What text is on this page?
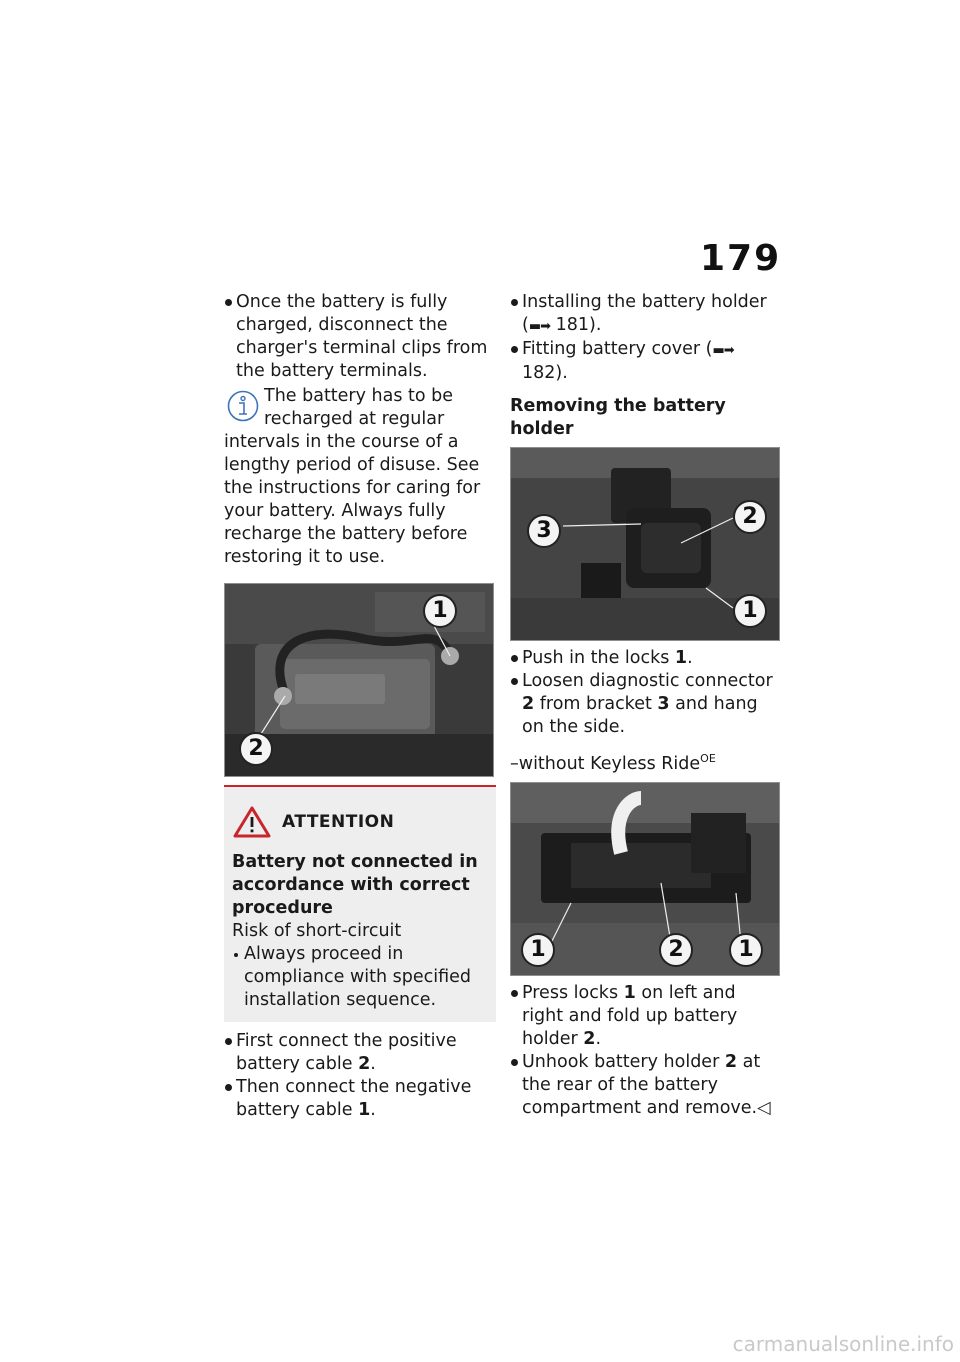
179
Once the battery is fully charged, disconnect the charger's terminal clips from the battery terminals.
The battery has to be recharged at regular
intervals in the course of a lengthy period of disuse. See the instructions for caring for your battery. Always fully recharge the battery before restoring it to use.
1
2
ATTENTION
Battery not connected in accordance with correct procedure
Risk of short-circuit
Always proceed in compliance with specified installation sequence.
First connect the positive battery cable 2.
Then connect the negative battery cable 1.
Installing the battery holder (▬➡ 181).
Fitting battery cover (▬➡ 182).
Removing the battery holder
3
2
1
Push in the locks 1.
Loosen diagnostic connector 2 from bracket 3 and hang on the side.
–without Keyless Ride$^{OE}$
1	2	1
Press locks 1 on left and right and fold up battery holder 2.
Unhook battery holder 2 at the rear of the battery compartment and remove.◁
carmanualsonline.info
